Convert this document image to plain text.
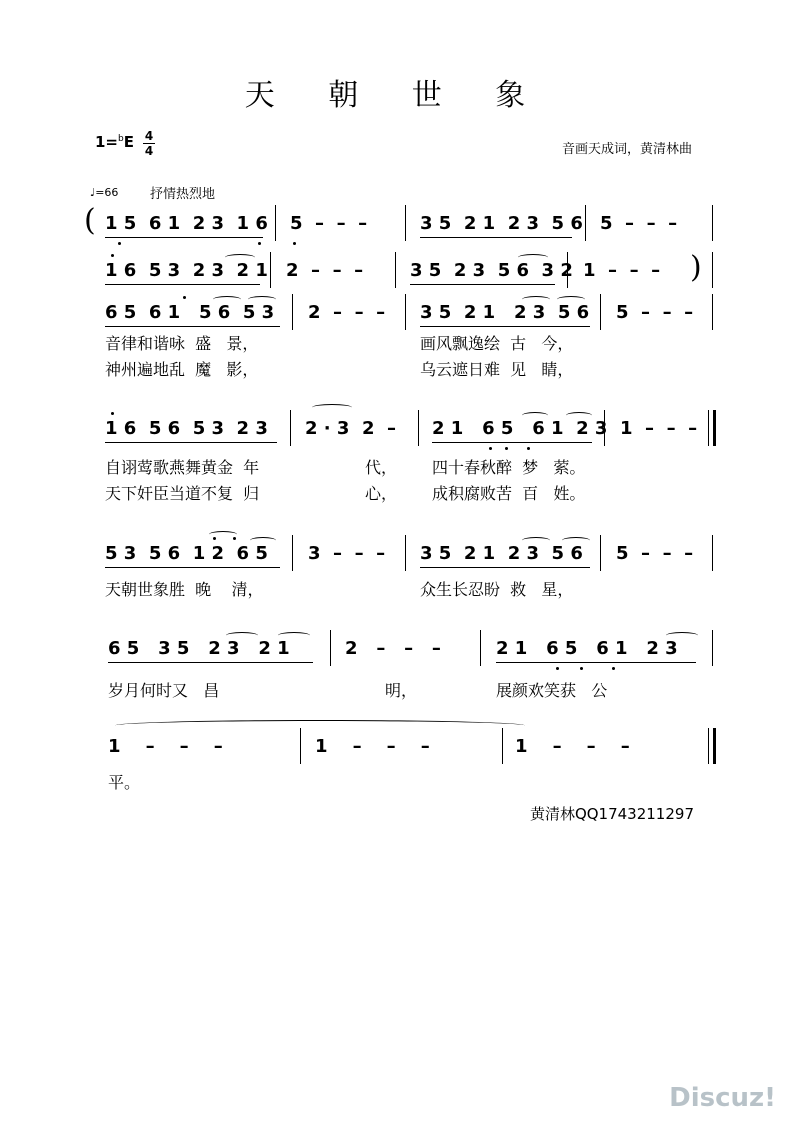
天 朝 世 象
1=$^b$E 4
4	音画天成词，黄清林曲
♩=66 抒情热烈地
( 1 5  6 1  2 3  1 6 5  –  –  –	3 5  2 1  2 3  5 6 5  –  –  –
1 6  5 3  2 3  2 1 2  –  –  –	3 5  2 3  5 6  3 2 1  –  –  – )
6 5  6 1   5 6  5 3 2  –  –  – 3 5  2 1   2 3  5 6 5  –  –  –
音律和谐咏  盛   景，	画风飘逸绘  古   今，
神州遍地乱  魔   影，	乌云遮日难  见   睛，
1 6  5 6  5 3  2 3 2 · 3  2  – 2 1   6 5   6 1  2 3 1  –  –  –
自诩莺歌燕舞黄金  年	代， 四十春秋醉  梦   萦。
天下奸臣当道不复  归	心， 成积腐败苦  百   姓。
5 3  5 6  1 2  6 5 3  –  –  – 3 5  2 1  2 3  5 6 5  –  –  –
天朝世象胜  晚    清，	众生长忍盼  救   星，
6 5   3 5   2 3   2 1	2   –   –   –	2 1   6 5   6 1   2 3
岁月何时又   昌	明，	展颜欢笑获   公
1    –    –    –	1    –    –    –	1    –    –    –
平。
黄清林QQ1743211297
Discuz!
